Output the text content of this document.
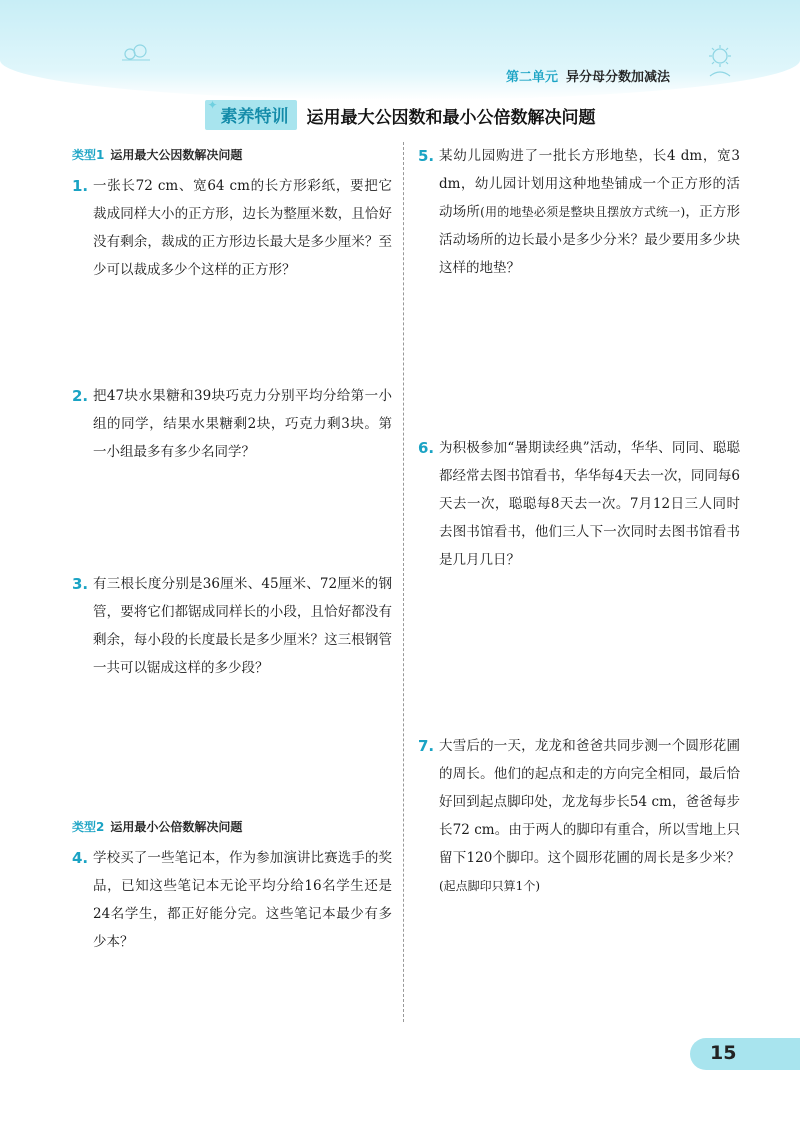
第二单元 异分母分数加减法
✦
素养特训 运用最大公因数和最小公倍数解决问题
类型1 运用最大公因数解决问题
1. 一张长72 cm、宽64 cm的长方形彩纸，要把它裁成同样大小的正方形，边长为整厘米数，且恰好没有剩余，裁成的正方形边长最大是多少厘米？至少可以裁成多少个这样的正方形？
2. 把47块水果糖和39块巧克力分别平均分给第一小组的同学，结果水果糖剩2块，巧克力剩3块。第一小组最多有多少名同学？
3. 有三根长度分别是36厘米、45厘米、72厘米的钢管，要将它们都锯成同样长的小段，且恰好都没有剩余，每小段的长度最长是多少厘米？这三根钢管一共可以锯成这样的多少段？
类型2 运用最小公倍数解决问题
4. 学校买了一些笔记本，作为参加演讲比赛选手的奖品，已知这些笔记本无论平均分给16名学生还是24名学生，都正好能分完。这些笔记本最少有多少本？
5. 某幼儿园购进了一批长方形地垫，长4 dm，宽3 dm，幼儿园计划用这种地垫铺成一个正方形的活动场所(用的地垫必须是整块且摆放方式统一)，正方形活动场所的边长最小是多少分米？最少要用多少块这样的地垫？
6. 为积极参加“暑期读经典”活动，华华、同同、聪聪都经常去图书馆看书，华华每4天去一次，同同每6天去一次，聪聪每8天去一次。7月12日三人同时去图书馆看书，他们三人下一次同时去图书馆看书是几月几日？
7. 大雪后的一天，龙龙和爸爸共同步测一个圆形花圃的周长。他们的起点和走的方向完全相同，最后恰好回到起点脚印处，龙龙每步长54 cm，爸爸每步长72 cm。由于两人的脚印有重合，所以雪地上只留下120个脚印。这个圆形花圃的周长是多少米？(起点脚印只算1个)
15
